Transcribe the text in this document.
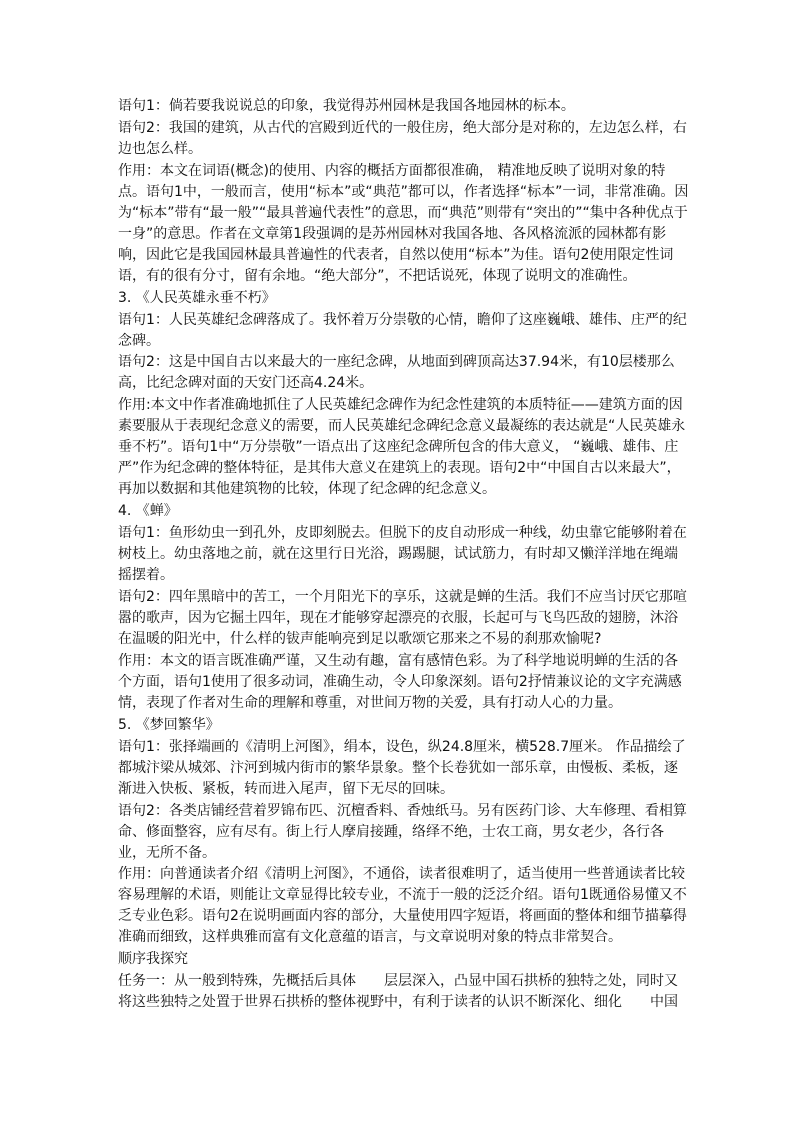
语句1：倘若要我说说总的印象，我觉得苏州园林是我国各地园林的标本。

语句2：我国的建筑，从古代的宫殿到近代的一般住房，绝大部分是对称的，左边怎么样，右边也怎么样。

作用：本文在词语(概念)的使用、内容的概括方面都很准确， 精准地反映了说明对象的特点。语句1中，一般而言，使用“标本”或“典范”都可以，作者选择“标本”一词，非常准确。因为“标本”带有“最一般”“最具普遍代表性”的意思，而“典范”则带有“突出的”“集中各种优点于一身”的意思。作者在文章第1段强调的是苏州园林对我国各地、各风格流派的园林都有影响，因此它是我国园林最具普遍性的代表者，自然以使用“标本”为佳。语句2使用限定性词语，有的很有分寸，留有余地。“绝大部分”，不把话说死，体现了说明文的准确性。

3. 《人民英雄永垂不朽》

语句1：人民英雄纪念碑落成了。我怀着万分崇敬的心情，瞻仰了这座巍峨、雄伟、庄严的纪念碑。

语句2：这是中国自古以来最大的一座纪念碑，从地面到碑顶高达37.94米，有10层楼那么高，比纪念碑对面的天安门还高4.24米。

作用:本文中作者准确地抓住了人民英雄纪念碑作为纪念性建筑的本质特征——建筑方面的因素要服从于表现纪念意义的需要，而人民英雄纪念碑纪念意义最凝练的表达就是“人民英雄永垂不朽”。语句1中“万分崇敬”一语点出了这座纪念碑所包含的伟大意义， “巍峨、雄伟、庄严”作为纪念碑的整体特征，是其伟大意义在建筑上的表现。语句2中“中国自古以来最大”，再加以数据和其他建筑物的比较，体现了纪念碑的纪念意义。

4. 《蝉》

语句1：鱼形幼虫一到孔外，皮即刻脱去。但脱下的皮自动形成一种线，幼虫靠它能够附着在树枝上。幼虫落地之前，就在这里行日光浴，踢踢腿，试试筋力，有时却又懒洋洋地在绳端摇摆着。

语句2：四年黑暗中的苦工，一个月阳光下的享乐，这就是蝉的生活。我们不应当讨厌它那喧嚣的歌声，因为它掘土四年，现在才能够穿起漂亮的衣服，长起可与飞鸟匹敌的翅膀，沐浴在温暖的阳光中，什么样的钹声能响亮到足以歌颂它那来之不易的刹那欢愉呢?

作用：本文的语言既准确严谨，又生动有趣，富有感情色彩。为了科学地说明蝉的生活的各个方面，语句1使用了很多动词，准确生动，令人印象深刻。语句2抒情兼议论的文字充满感情，表现了作者对生命的理解和尊重，对世间万物的关爱，具有打动人心的力量。

5. 《梦回繁华》

语句1：张择端画的《清明上河图》，绢本，设色，纵24.8厘米，横528.7厘米。 作品描绘了都城汴梁从城郊、汴河到城内街市的繁华景象。整个长卷犹如一部乐章，由慢板、柔板，逐渐进入快板、紧板，转而进入尾声，留下无尽的回味。

语句2：各类店铺经营着罗锦布匹、沉檀香料、香烛纸马。另有医药门诊、大车修理、看相算命、修面整容，应有尽有。街上行人摩肩接踵，络绎不绝，士农工商，男女老少，各行各业，无所不备。

作用：向普通读者介绍《清明上河图》，不通俗，读者很难明了，适当使用一些普通读者比较容易理解的术语，则能让文章显得比较专业，不流于一般的泛泛介绍。语句1既通俗易懂又不乏专业色彩。语句2在说明画面内容的部分，大量使用四字短语，将画面的整体和细节描摹得准确而细致，这样典雅而富有文化意蕴的语言，与文章说明对象的特点非常契合。

顺序我探究

任务一：从一般到特殊，先概括后具体 层层深入，凸显中国石拱桥的独特之处，同时又将这些独特之处置于世界石拱桥的整体视野中，有利于读者的认识不断深化、细化 中国
